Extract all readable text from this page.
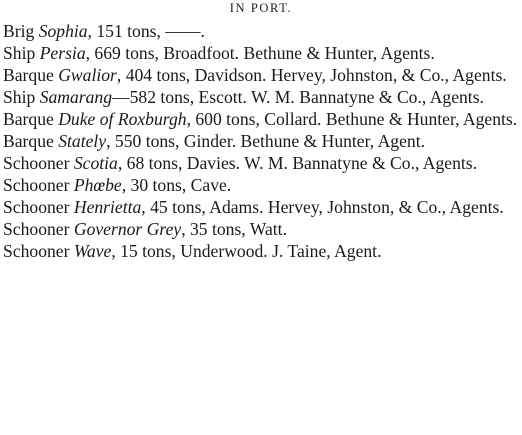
IN PORT.
Brig Sophia, 151 tons, ——.
Ship Persia, 669 tons, Broadfoot. Bethune & Hunter, Agents.
Barque Gwalior, 404 tons, Davidson. Hervey, Johnston, & Co., Agents.
Ship Samarang—582 tons, Escott. W. M. Bannatyne & Co., Agents.
Barque Duke of Roxburgh, 600 tons, Collard. Bethune & Hunter, Agents.
Barque Stately, 550 tons, Ginder. Bethune & Hunter, Agent.
Schooner Scotia, 68 tons, Davies. W. M. Bannatyne & Co., Agents.
Schooner Phœbe, 30 tons, Cave.
Schooner Henrietta, 45 tons, Adams. Hervey, Johnston, & Co., Agents.
Schooner Governor Grey, 35 tons, Watt.
Schooner Wave, 15 tons, Underwood. J. Taine, Agent.
